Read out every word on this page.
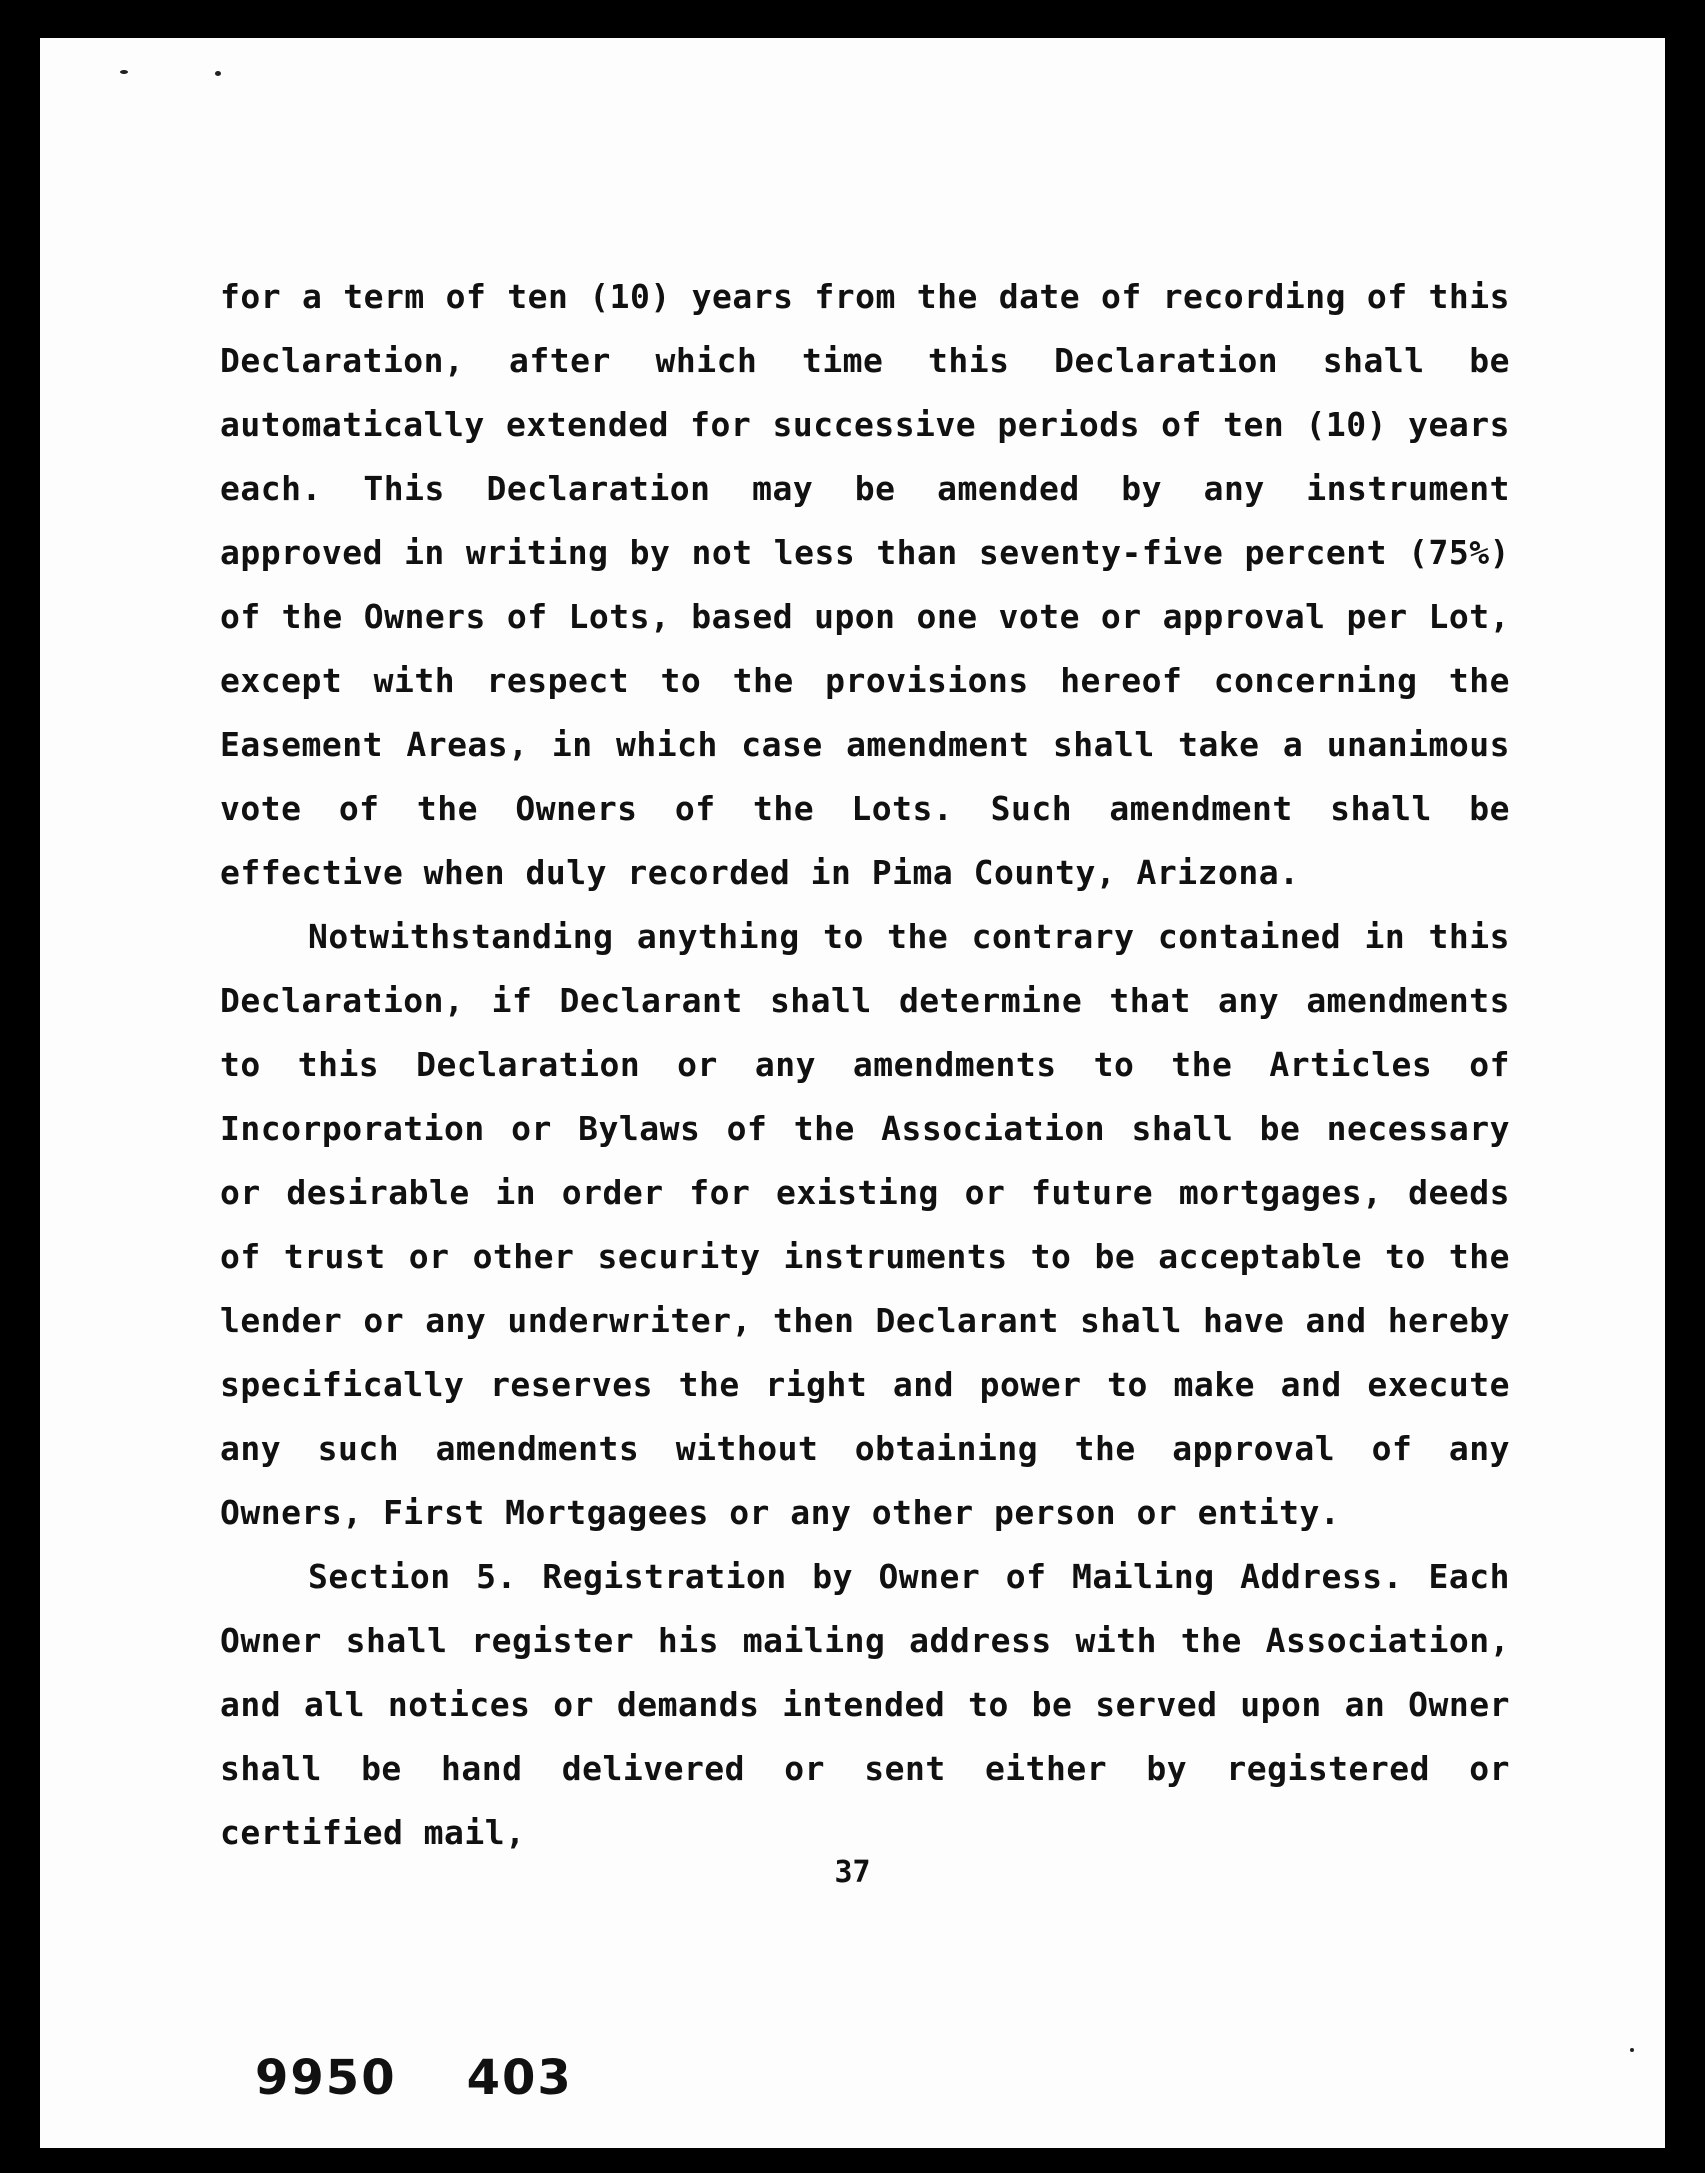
for a term of ten (10) years from the date of recording of this Declaration, after which time this Declaration shall be automatically extended for successive periods of ten (10) years each. This Declaration may be amended by any instrument approved in writing by not less than seventy-five percent (75%) of the Owners of Lots, based upon one vote or approval per Lot, except with respect to the provisions hereof concerning the Easement Areas, in which case amendment shall take a unanimous vote of the Owners of the Lots. Such amendment shall be effective when duly recorded in Pima County, Arizona.

Notwithstanding anything to the contrary contained in this Declaration, if Declarant shall determine that any amendments to this Declaration or any amendments to the Articles of Incorporation or Bylaws of the Association shall be necessary or desirable in order for existing or future mortgages, deeds of trust or other security instruments to be acceptable to the lender or any underwriter, then Declarant shall have and hereby specifically reserves the right and power to make and execute any such amendments without obtaining the approval of any Owners, First Mortgagees or any other person or entity.

Section 5. Registration by Owner of Mailing Address. Each Owner shall register his mailing address with the Association, and all notices or demands intended to be served upon an Owner shall be hand delivered or sent either by registered or certified mail,

37
9950 403
